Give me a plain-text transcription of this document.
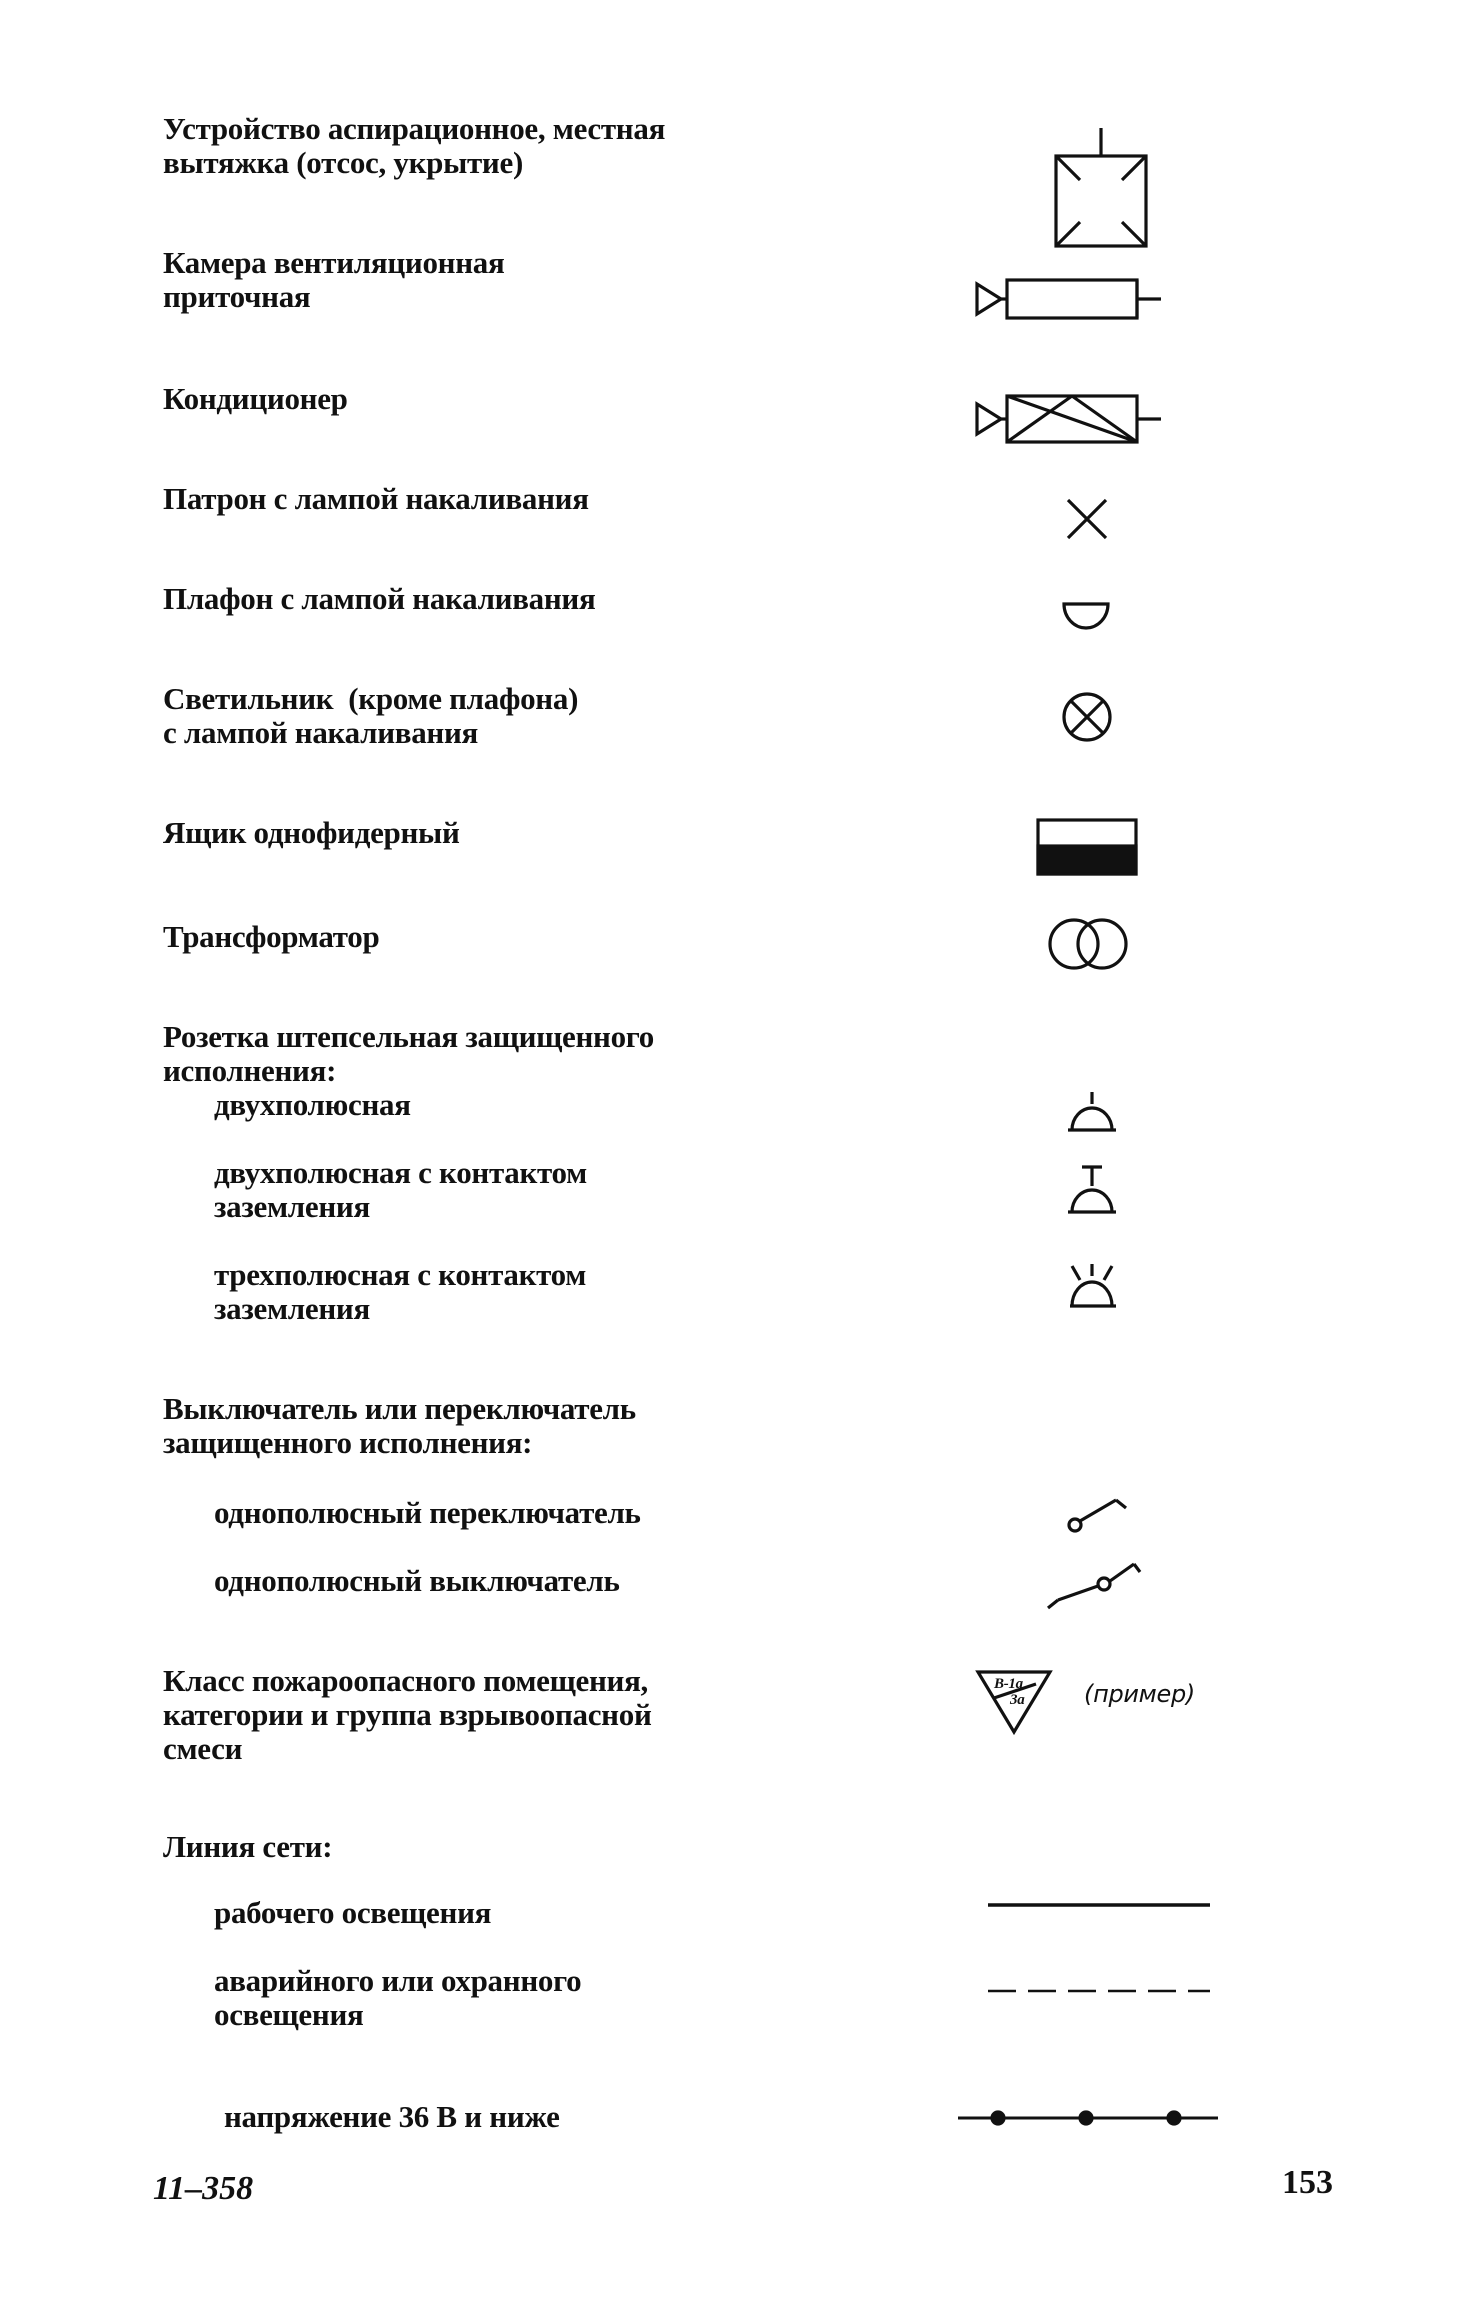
Устройство аспирационное, местная
вытяжка (отсос, укрытие)
Камера вентиляционная
приточная
Кондиционер
Патрон с лампой накаливания
Плафон с лампой накаливания
Светильник  (кроме плафона)
с лампой накаливания
Ящик однофидерный
Трансформатор
Розетка штепсельная защищенного
исполнения:
двухполюсная
двухполюсная с контактом
заземления
трехполюсная с контактом
заземления
Выключатель или переключатель
защищенного исполнения:
однополюсный переключатель
однополюсный выключатель
Класс пожароопасного помещения,
категории и группа взрывоопасной
смеси
Линия сети:
рабочего освещения
аварийного или охранного
освещения
напряжение 36 В и ниже
В-1а
3а (пример)
11–358	153
